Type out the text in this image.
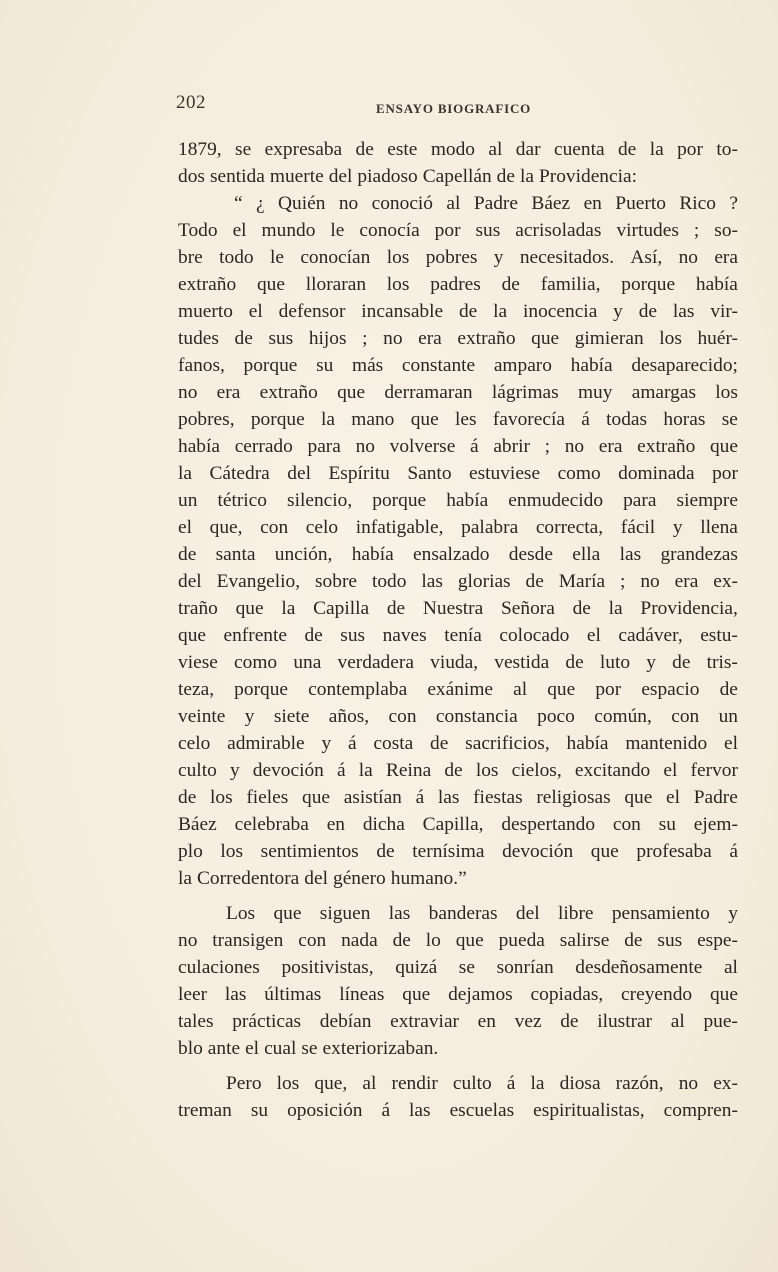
202	ENSAYO BIOGRAFICO
1879, se expresaba de este modo al dar cuenta de la por to-
dos sentida muerte del piadoso Capellán de la Providencia:
“ ¿ Quién no conoció al Padre Báez en Puerto Rico ?
Todo el mundo le conocía por sus acrisoladas virtudes ; so-
bre todo le conocían los pobres y necesitados. Así, no era
extraño que lloraran los padres de familia, porque había
muerto el defensor incansable de la inocencia y de las vir-
tudes de sus hijos ; no era extraño que gimieran los huér-
fanos, porque su más constante amparo había desaparecido;
no era extraño que derramaran lágrimas muy amargas los
pobres, porque la mano que les favorecía á todas horas se
había cerrado para no volverse á abrir ; no era extraño que
la Cátedra del Espíritu Santo estuviese como dominada por
un tétrico silencio, porque había enmudecido para siempre
el que, con celo infatigable, palabra correcta, fácil y llena
de santa unción, había ensalzado desde ella las grandezas
del Evangelio, sobre todo las glorias de María ; no era ex-
traño que la Capilla de Nuestra Señora de la Providencia,
que enfrente de sus naves tenía colocado el cadáver, estu-
viese como una verdadera viuda, vestida de luto y de tris-
teza, porque contemplaba exánime al que por espacio de
veinte y siete años, con constancia poco común, con un
celo admirable y á costa de sacrificios, había mantenido el
culto y devoción á la Reina de los cielos, excitando el fervor
de los fieles que asistían á las fiestas religiosas que el Padre
Báez celebraba en dicha Capilla, despertando con su ejem-
plo los sentimientos de ternísima devoción que profesaba á
la Corredentora del género humano.”
Los que siguen las banderas del libre pensamiento y
no transigen con nada de lo que pueda salirse de sus espe-
culaciones positivistas, quizá se sonrían desdeñosamente al
leer las últimas líneas que dejamos copiadas, creyendo que
tales prácticas debían extraviar en vez de ilustrar al pue-
blo ante el cual se exteriorizaban.
Pero los que, al rendir culto á la diosa razón, no ex-
treman su oposición á las escuelas espiritualistas, compren-
